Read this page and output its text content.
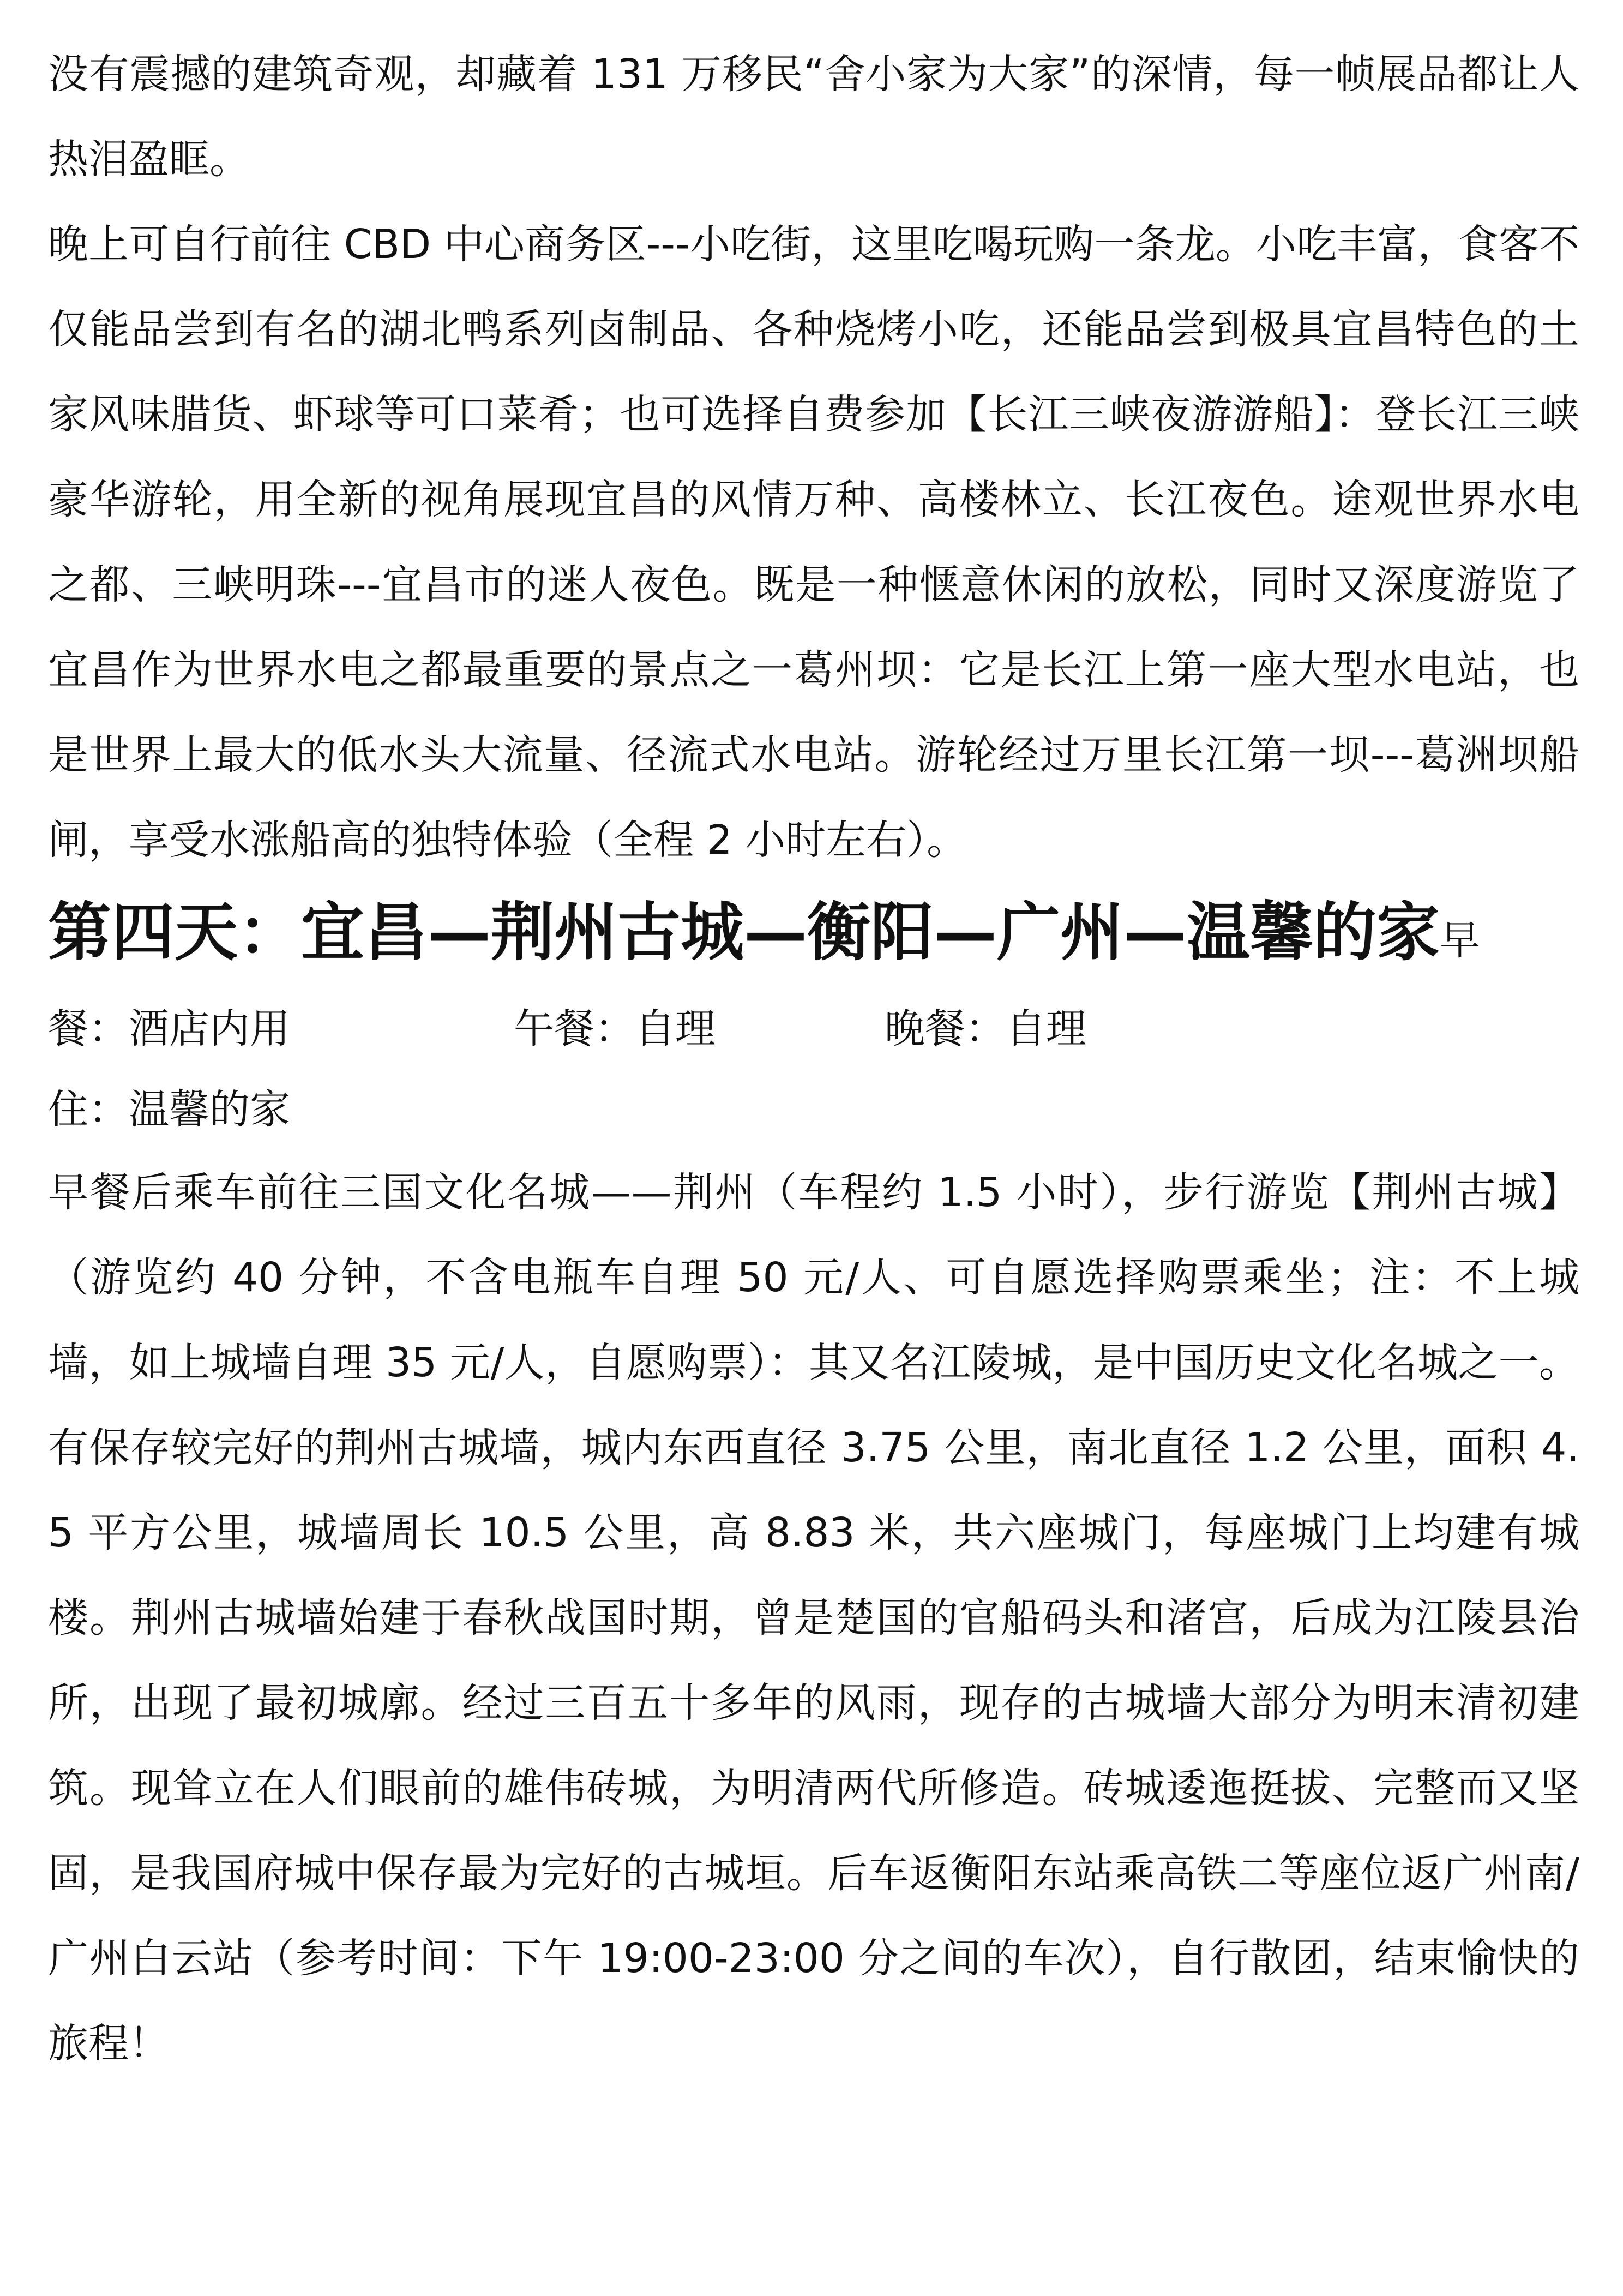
没有震撼的建筑奇观，却藏着 131 万移民“舍小家为大家”的深情，每一帧展品都让人热泪盈眶。

晚上可自行前往 CBD 中心商务区---小吃街，这里吃喝玩购一条龙。小吃丰富，食客不仅能品尝到有名的湖北鸭系列卤制品、各种烧烤小吃，还能品尝到极具宜昌特色的土家风味腊货、虾球等可口菜肴；也可选择自费参加【长江三峡夜游游船】：登长江三峡豪华游轮，用全新的视角展现宜昌的风情万种、高楼林立、长江夜色。途观世界水电之都、三峡明珠---宜昌市的迷人夜色。既是一种惬意休闲的放松，同时又深度游览了宜昌作为世界水电之都最重要的景点之一葛州坝：它是长江上第一座大型水电站，也是世界上最大的低水头大流量、径流式水电站。游轮经过万里长江第一坝---葛洲坝船闸，享受水涨船高的独特体验（全程 2 小时左右）。

第四天：宜昌—荆州古城—衡阳—广州—温馨的家早

餐：酒店内用	午餐：自理	晚餐：自理

住：温馨的家

早餐后乘车前往三国文化名城——荆州（车程约 1.5 小时），步行游览【荆州古城】（游览约 40 分钟，不含电瓶车自理 50 元/人、可自愿选择购票乘坐；注：不上城墙，如上城墙自理 35 元/人，自愿购票）：其又名江陵城，是中国历史文化名城之一。有保存较完好的荆州古城墙，城内东西直径 3.75 公里，南北直径 1.2 公里，面积 4.5 平方公里，城墙周长 10.5 公里，高 8.83 米，共六座城门，每座城门上均建有城楼。荆州古城墙始建于春秋战国时期，曾是楚国的官船码头和渚宫，后成为江陵县治所，出现了最初城廓。经过三百五十多年的风雨，现存的古城墙大部分为明末清初建筑。现耸立在人们眼前的雄伟砖城，为明清两代所修造。砖城逶迤挺拔、完整而又坚固，是我国府城中保存最为完好的古城垣。后车返衡阳东站乘高铁二等座位返广州南/广州白云站（参考时间：下午 19:00-23:00 分之间的车次），自行散团，结束愉快的旅程！
